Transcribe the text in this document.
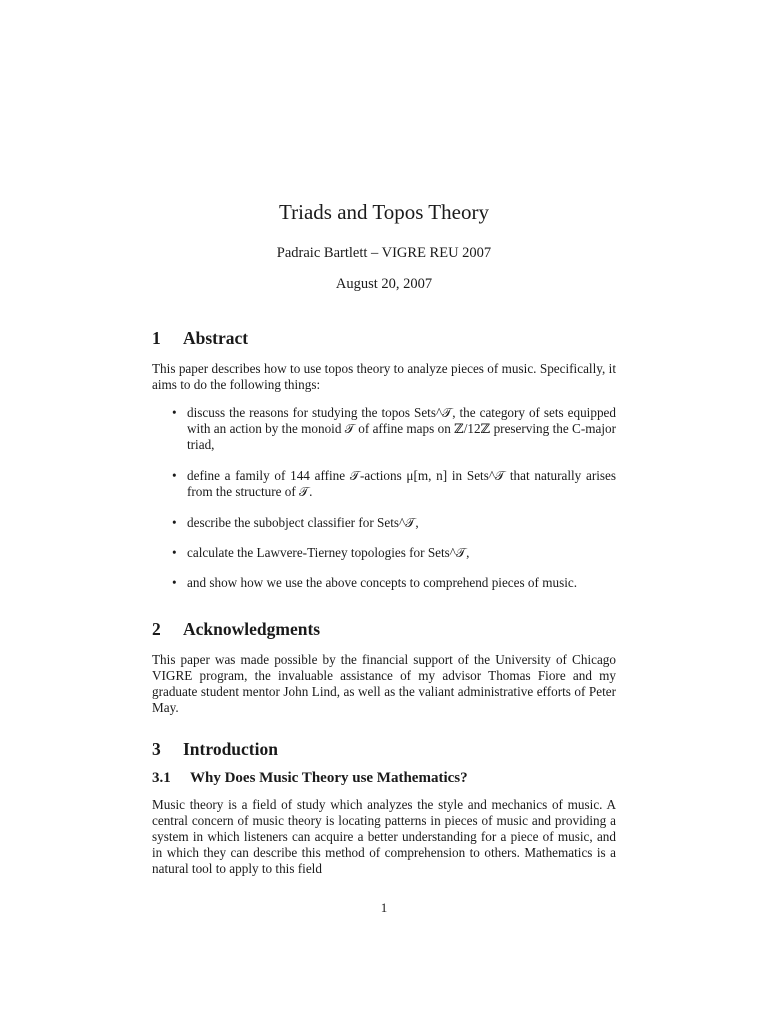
Triads and Topos Theory

Padraic Bartlett – VIGRE REU 2007

August 20, 2007

1 Abstract

This paper describes how to use topos theory to analyze pieces of music. Specifically, it aims to do the following things:

• discuss the reasons for studying the topos Sets^𝒯, the category of sets equipped with an action by the monoid 𝒯 of affine maps on ℤ/12ℤ preserving the C-major triad,
• define a family of 144 affine 𝒯-actions μ[m, n] in Sets^𝒯 that naturally arises from the structure of 𝒯.
• describe the subobject classifier for Sets^𝒯,
• calculate the Lawvere-Tierney topologies for Sets^𝒯,
• and show how we use the above concepts to comprehend pieces of music.
2 Acknowledgments

This paper was made possible by the financial support of the University of Chicago VIGRE program, the invaluable assistance of my advisor Thomas Fiore and my graduate student mentor John Lind, as well as the valiant administrative efforts of Peter May.

3 Introduction
3.1 Why Does Music Theory use Mathematics?

Music theory is a field of study which analyzes the style and mechanics of music. A central concern of music theory is locating patterns in pieces of music and providing a system in which listeners can acquire a better understanding for a piece of music, and in which they can describe this method of comprehension to others. Mathematics is a natural tool to apply to this field

1
